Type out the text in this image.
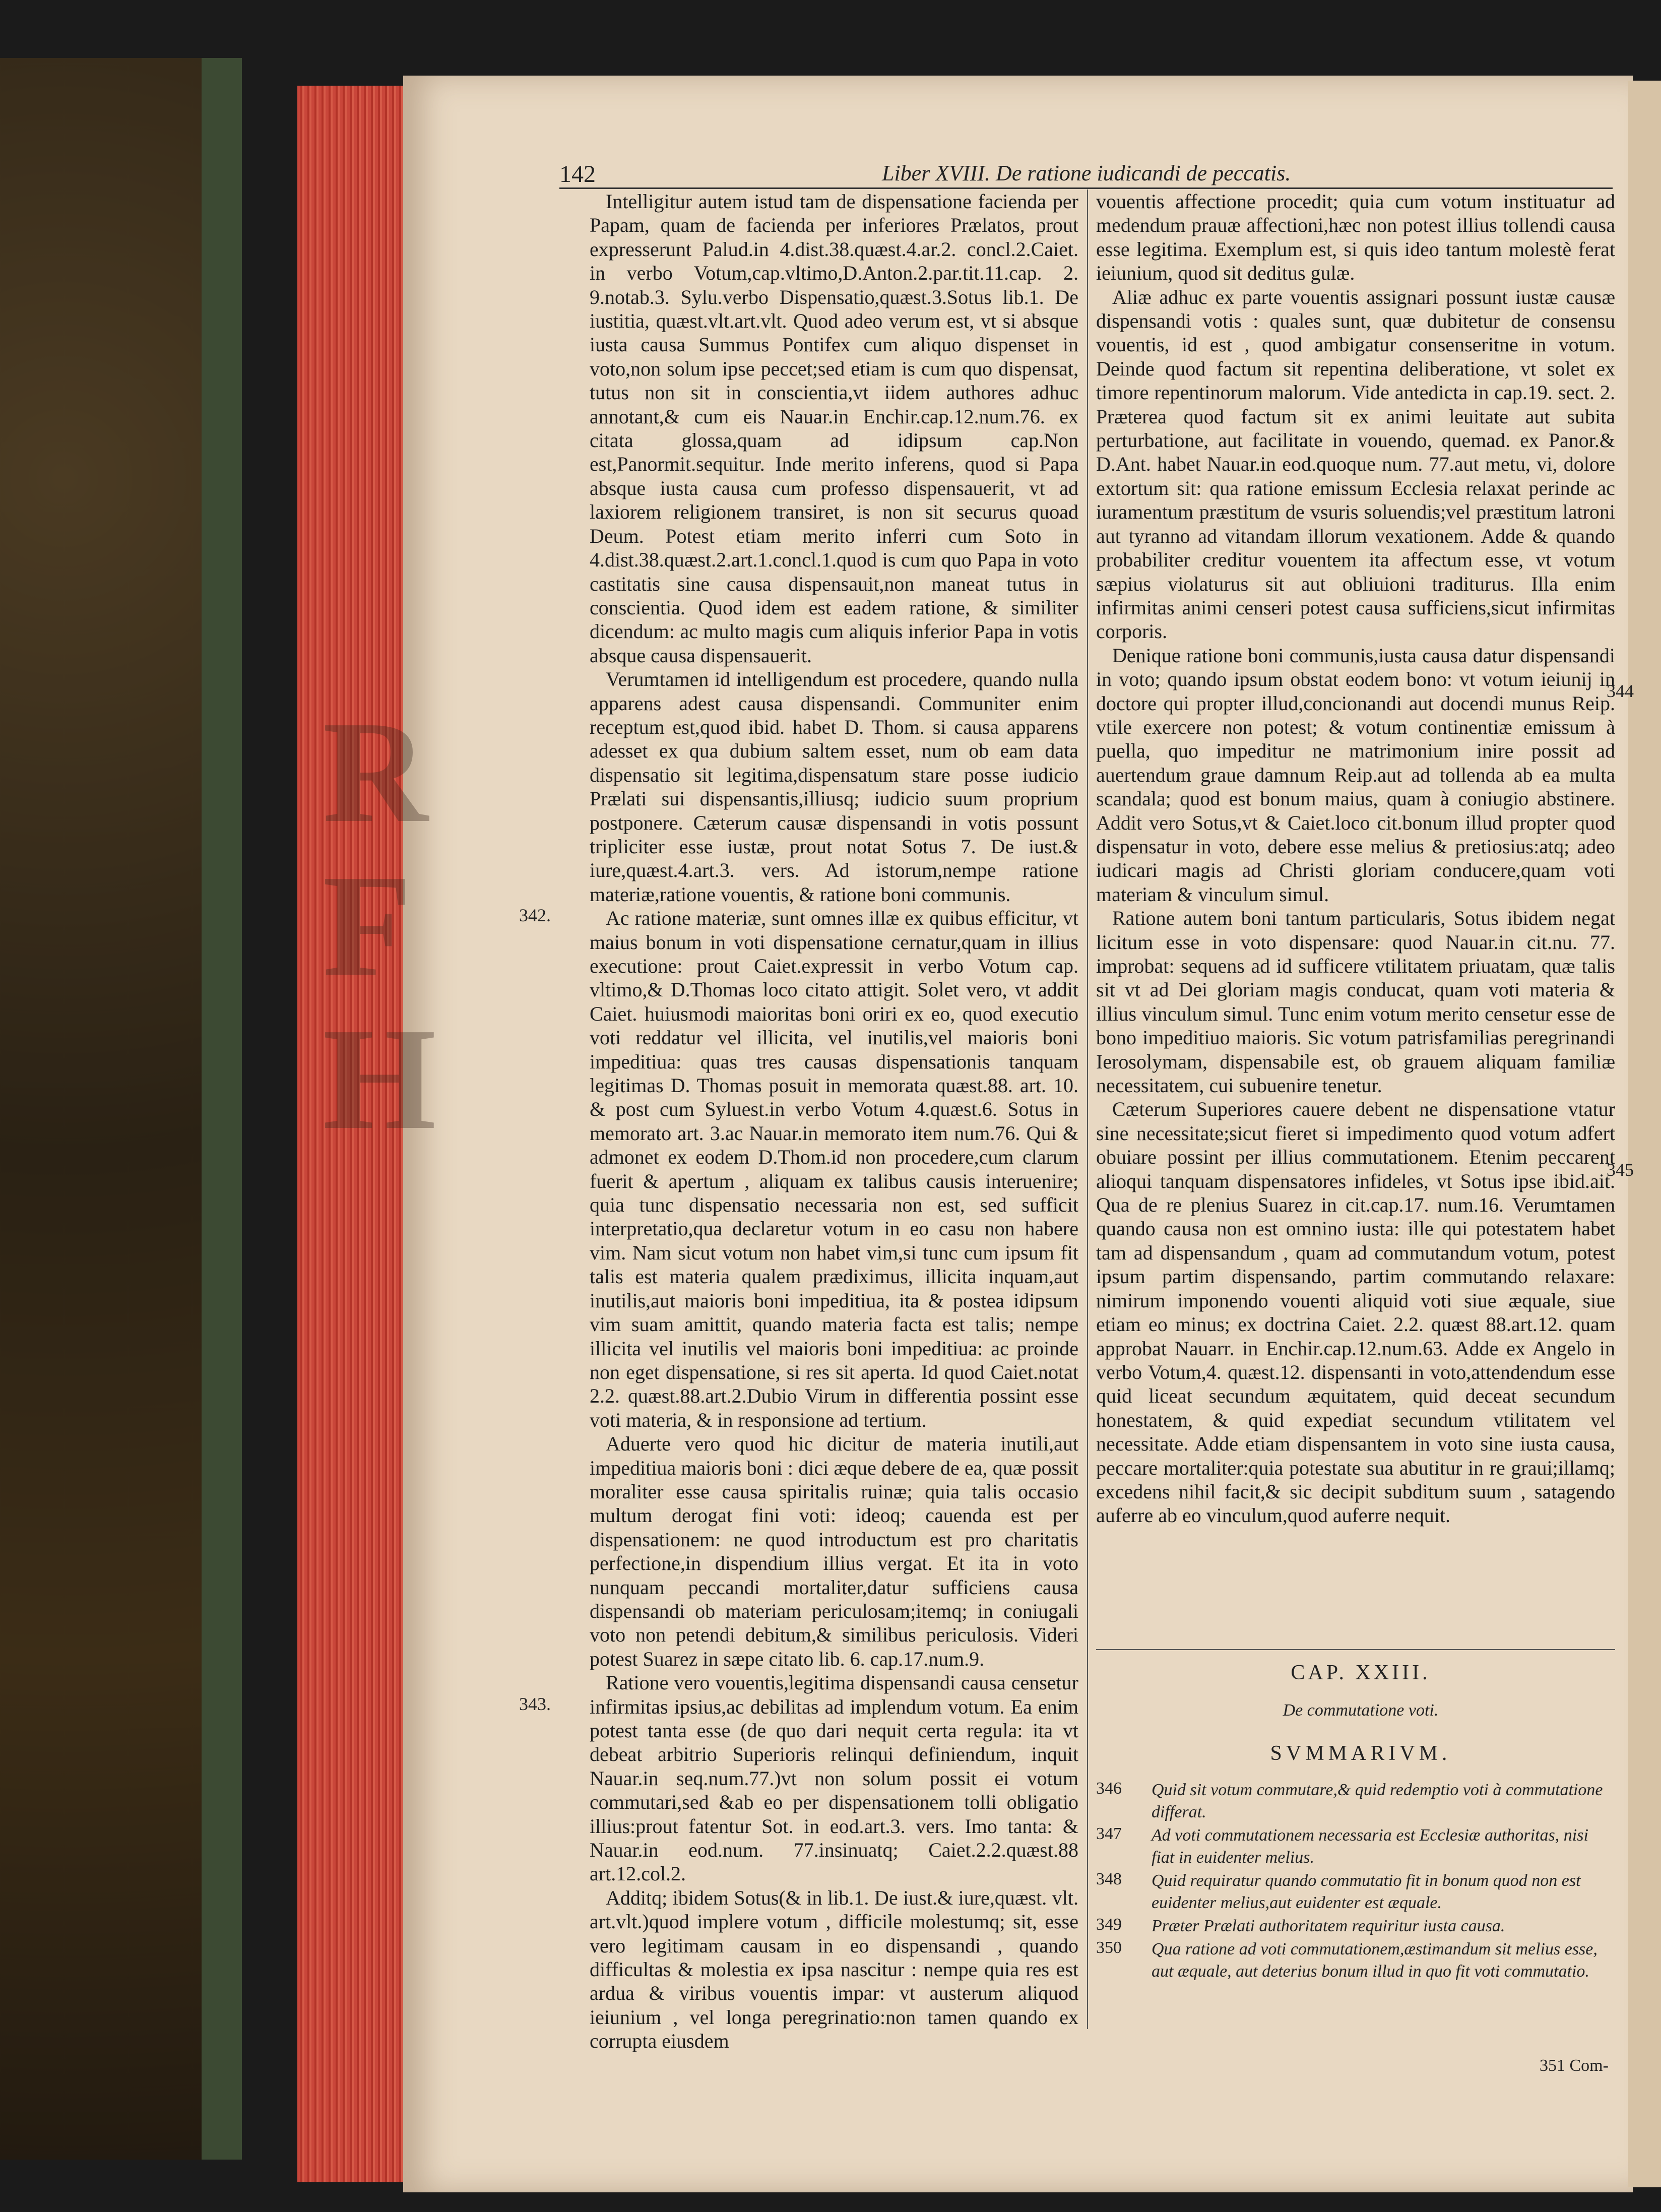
R
F
H
142	Liber XVIII. De ratione iudicandi de peccatis.

Intelligitur autem istud tam de dispensatione facienda per Papam, quam de facienda per inferiores Prælatos, prout expresserunt Palud.in 4.dist.38.quæst.4.ar.2. concl.2.Caiet. in verbo Votum,cap.vltimo,D.Anton.2.par.tit.11.cap. 2. 9.notab.3. Sylu.verbo Dispensatio,quæst.3.Sotus lib.1. De iustitia, quæst.vlt.art.vlt. Quod adeo verum est, vt si absque iusta causa Summus Pontifex cum aliquo dispenset in voto,non solum ipse peccet;sed etiam is cum quo dispensat, tutus non sit in conscientia,vt iidem authores adhuc annotant,& cum eis Nauar.in Enchir.cap.12.num.76. ex citata glossa,quam ad idipsum cap.Non est,Panormit.sequitur. Inde merito inferens, quod si Papa absque iusta causa cum professo dispensauerit, vt ad laxiorem religionem transiret, is non sit securus quoad Deum. Potest etiam merito inferri cum Soto in 4.dist.38.quæst.2.art.1.concl.1.quod is cum quo Papa in voto castitatis sine causa dispensauit,non maneat tutus in conscientia. Quod idem est eadem ratione, & similiter dicendum: ac multo magis cum aliquis inferior Papa in votis absque causa dispensauerit.

Verumtamen id intelligendum est procedere, quando nulla apparens adest causa dispensandi. Communiter enim receptum est,quod ibid. habet D. Thom. si causa apparens adesset ex qua dubium saltem esset, num ob eam data dispensatio sit legitima,dispensatum stare posse iudicio Prælati sui dispensantis,illiusq; iudicio suum proprium postponere. Cæterum causæ dispensandi in votis possunt tripliciter esse iustæ, prout notat Sotus 7. De iust.& iure,quæst.4.art.3. vers. Ad istorum,nempe ratione materiæ,ratione vouentis, & ratione boni communis.

Ac ratione materiæ, sunt omnes illæ ex quibus efficitur, vt maius bonum in voti dispensatione cernatur,quam in illius executione: prout Caiet.expressit in verbo Votum cap. vltimo,& D.Thomas loco citato attigit. Solet vero, vt addit Caiet. huiusmodi maioritas boni oriri ex eo, quod executio voti reddatur vel illicita, vel inutilis,vel maioris boni impeditiua: quas tres causas dispensationis tanquam legitimas D. Thomas posuit in memorata quæst.88. art. 10. & post cum Syluest.in verbo Votum 4.quæst.6. Sotus in memorato art. 3.ac Nauar.in memorato item num.76. Qui & admonet ex eodem D.Thom.id non procedere,cum clarum fuerit & apertum , aliquam ex talibus causis interuenire; quia tunc dispensatio necessaria non est, sed sufficit interpretatio,qua declaretur votum in eo casu non habere vim. Nam sicut votum non habet vim,si tunc cum ipsum fit talis est materia qualem prædiximus, illicita inquam,aut inutilis,aut maioris boni impeditiua, ita & postea idipsum vim suam amittit, quando materia facta est talis; nempe illicita vel inutilis vel maioris boni impeditiua: ac proinde non eget dispensatione, si res sit aperta. Id quod Caiet.notat 2.2. quæst.88.art.2.Dubio Virum in differentia possint esse voti materia, & in responsione ad tertium.

Aduerte vero quod hic dicitur de materia inutili,aut impeditiua maioris boni : dici æque debere de ea, quæ possit moraliter esse causa spiritalis ruinæ; quia talis occasio multum derogat fini voti: ideoq; cauenda est per dispensationem: ne quod introductum est pro charitatis perfectione,in dispendium illius vergat. Et ita in voto nunquam peccandi mortaliter,datur sufficiens causa dispensandi ob materiam periculosam;itemq; in coniugali voto non petendi debitum,& similibus periculosis. Videri potest Suarez in sæpe citato lib. 6. cap.17.num.9.

Ratione vero vouentis,legitima dispensandi causa censetur infirmitas ipsius,ac debilitas ad implendum votum. Ea enim potest tanta esse (de quo dari nequit certa regula: ita vt debeat arbitrio Superioris relinqui definiendum, inquit Nauar.in seq.num.77.)vt non solum possit ei votum commutari,sed &ab eo per dispensationem tolli obligatio illius:prout fatentur Sot. in eod.art.3. vers. Imo tanta: & Nauar.in eod.num. 77.insinuatq; Caiet.2.2.quæst.88 art.12.col.2.

Additq; ibidem Sotus(& in lib.1. De iust.& iure,quæst. vlt. art.vlt.)quod implere votum , difficile molestumq; sit, esse vero legitimam causam in eo dispensandi , quando difficultas & molestia ex ipsa nascitur : nempe quia res est ardua & viribus vouentis impar: vt austerum aliquod ieiunium , vel longa peregrinatio:non tamen quando ex corrupta eiusdem

vouentis affectione procedit; quia cum votum instituatur ad medendum prauæ affectioni,hæc non potest illius tollendi causa esse legitima. Exemplum est, si quis ideo tantum molestè ferat ieiunium, quod sit deditus gulæ.

Aliæ adhuc ex parte vouentis assignari possunt iustæ causæ dispensandi votis : quales sunt, quæ dubitetur de consensu vouentis, id est , quod ambigatur consenseritne in votum. Deinde quod factum sit repentina deliberatione, vt solet ex timore repentinorum malorum. Vide antedicta in cap.19. sect. 2. Præterea quod factum sit ex animi leuitate aut subita perturbatione, aut facilitate in vouendo, quemad. ex Panor.& D.Ant. habet Nauar.in eod.quoque num. 77.aut metu, vi, dolore extortum sit: qua ratione emissum Ecclesia relaxat perinde ac iuramentum præstitum de vsuris soluendis;vel præstitum latroni aut tyranno ad vitandam illorum vexationem. Adde & quando probabiliter creditur vouentem ita affectum esse, vt votum sæpius violaturus sit aut obliuioni traditurus. Illa enim infirmitas animi censeri potest causa sufficiens,sicut infirmitas corporis.

Denique ratione boni communis,iusta causa datur dispensandi in voto; quando ipsum obstat eodem bono: vt votum ieiunij in doctore qui propter illud,concionandi aut docendi munus Reip. vtile exercere non potest; & votum continentiæ emissum à puella, quo impeditur ne matrimonium inire possit ad auertendum graue damnum Reip.aut ad tollenda ab ea multa scandala; quod est bonum maius, quam à coniugio abstinere. Addit vero Sotus,vt & Caiet.loco cit.bonum illud propter quod dispensatur in voto, debere esse melius & pretiosius:atq; adeo iudicari magis ad Christi gloriam conducere,quam voti materiam & vinculum simul.

Ratione autem boni tantum particularis, Sotus ibidem negat licitum esse in voto dispensare: quod Nauar.in cit.nu. 77. improbat: sequens ad id sufficere vtilitatem priuatam, quæ talis sit vt ad Dei gloriam magis conducat, quam voti materia & illius vinculum simul. Tunc enim votum merito censetur esse de bono impeditiuo maioris. Sic votum patrisfamilias peregrinandi Ierosolymam, dispensabile est, ob grauem aliquam familiæ necessitatem, cui subuenire tenetur.

Cæterum Superiores cauere debent ne dispensatione vtatur sine necessitate;sicut fieret si impedimento quod votum adfert obuiare possint per illius commutationem. Etenim peccarent alioqui tanquam dispensatores infideles, vt Sotus ipse ibid.ait. Qua de re plenius Suarez in cit.cap.17. num.16. Verumtamen quando causa non est omnino iusta: ille qui potestatem habet tam ad dispensandum , quam ad commutandum votum, potest ipsum partim dispensando, partim commutando relaxare: nimirum imponendo vouenti aliquid voti siue æquale, siue etiam eo minus; ex doctrina Caiet. 2.2. quæst 88.art.12. quam approbat Nauarr. in Enchir.cap.12.num.63. Adde ex Angelo in verbo Votum,4. quæst.12. dispensanti in voto,attendendum esse quid liceat secundum æquitatem, quid deceat secundum honestatem, & quid expediat secundum vtilitatem vel necessitate. Adde etiam dispensantem in voto sine iusta causa, peccare mortaliter:quia potestate sua abutitur in re graui;illamq; excedens nihil facit,& sic decipit subditum suum , satagendo auferre ab eo vinculum,quod auferre nequit.

342.
343.
344
345
CAP. XXIII.
De commutatione voti.
SVMMARIVM.
346 Quid sit votum commutare,& quid redemptio voti à commutatione differat.
347 Ad voti commutationem necessaria est Ecclesiæ authoritas, nisi fiat in euidenter melius.
348 Quid requiratur quando commutatio fit in bonum quod non est euidenter melius,aut euidenter est æquale.
349 Præter Prælati authoritatem requiritur iusta causa.
350 Qua ratione ad voti commutationem,æstimandum sit melius esse, aut æquale, aut deterius bonum illud in quo fit voti commutatio.
351 Com-
